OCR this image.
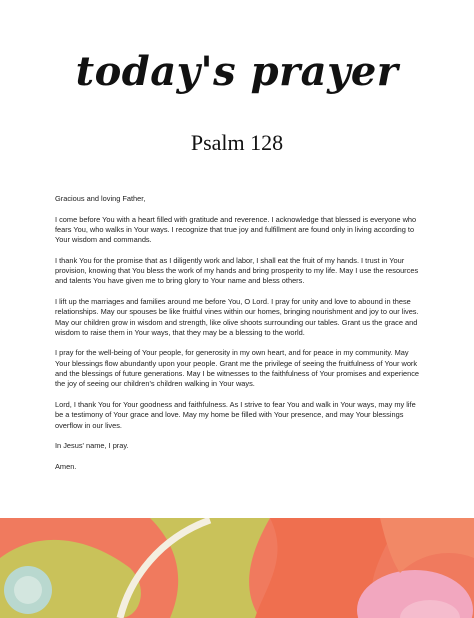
today's prayer
Psalm 128

Gracious and loving Father,

I come before You with a heart filled with gratitude and reverence. I acknowledge that blessed is everyone who fears You, who walks in Your ways. I recognize that true joy and fulfillment are found only in living according to Your wisdom and commands.

I thank You for the promise that as I diligently work and labor, I shall eat the fruit of my hands. I trust in Your provision, knowing that You bless the work of my hands and bring prosperity to my life. May I use the resources and talents You have given me to bring glory to Your name and bless others.

I lift up the marriages and families around me before You, O Lord. I pray for unity and love to abound in these relationships. May our spouses be like fruitful vines within our homes, bringing nourishment and joy to our lives. May our children grow in wisdom and strength, like olive shoots surrounding our tables. Grant us the grace and wisdom to raise them in Your ways, that they may be a blessing to the world.

I pray for the well-being of Your people, for generosity in my own heart, and for peace in my community. May Your blessings flow abundantly upon your people. Grant me the privilege of seeing the fruitfulness of Your work and the blessings of future generations. May I be witnesses to the faithfulness of Your promises and experience the joy of seeing our children's children walking in Your ways.

Lord, I thank You for Your goodness and faithfulness. As I strive to fear You and walk in Your ways, may my life be a testimony of Your grace and love. May my home be filled with Your presence, and may Your blessings overflow in our lives.

In Jesus' name, I pray.

Amen.
